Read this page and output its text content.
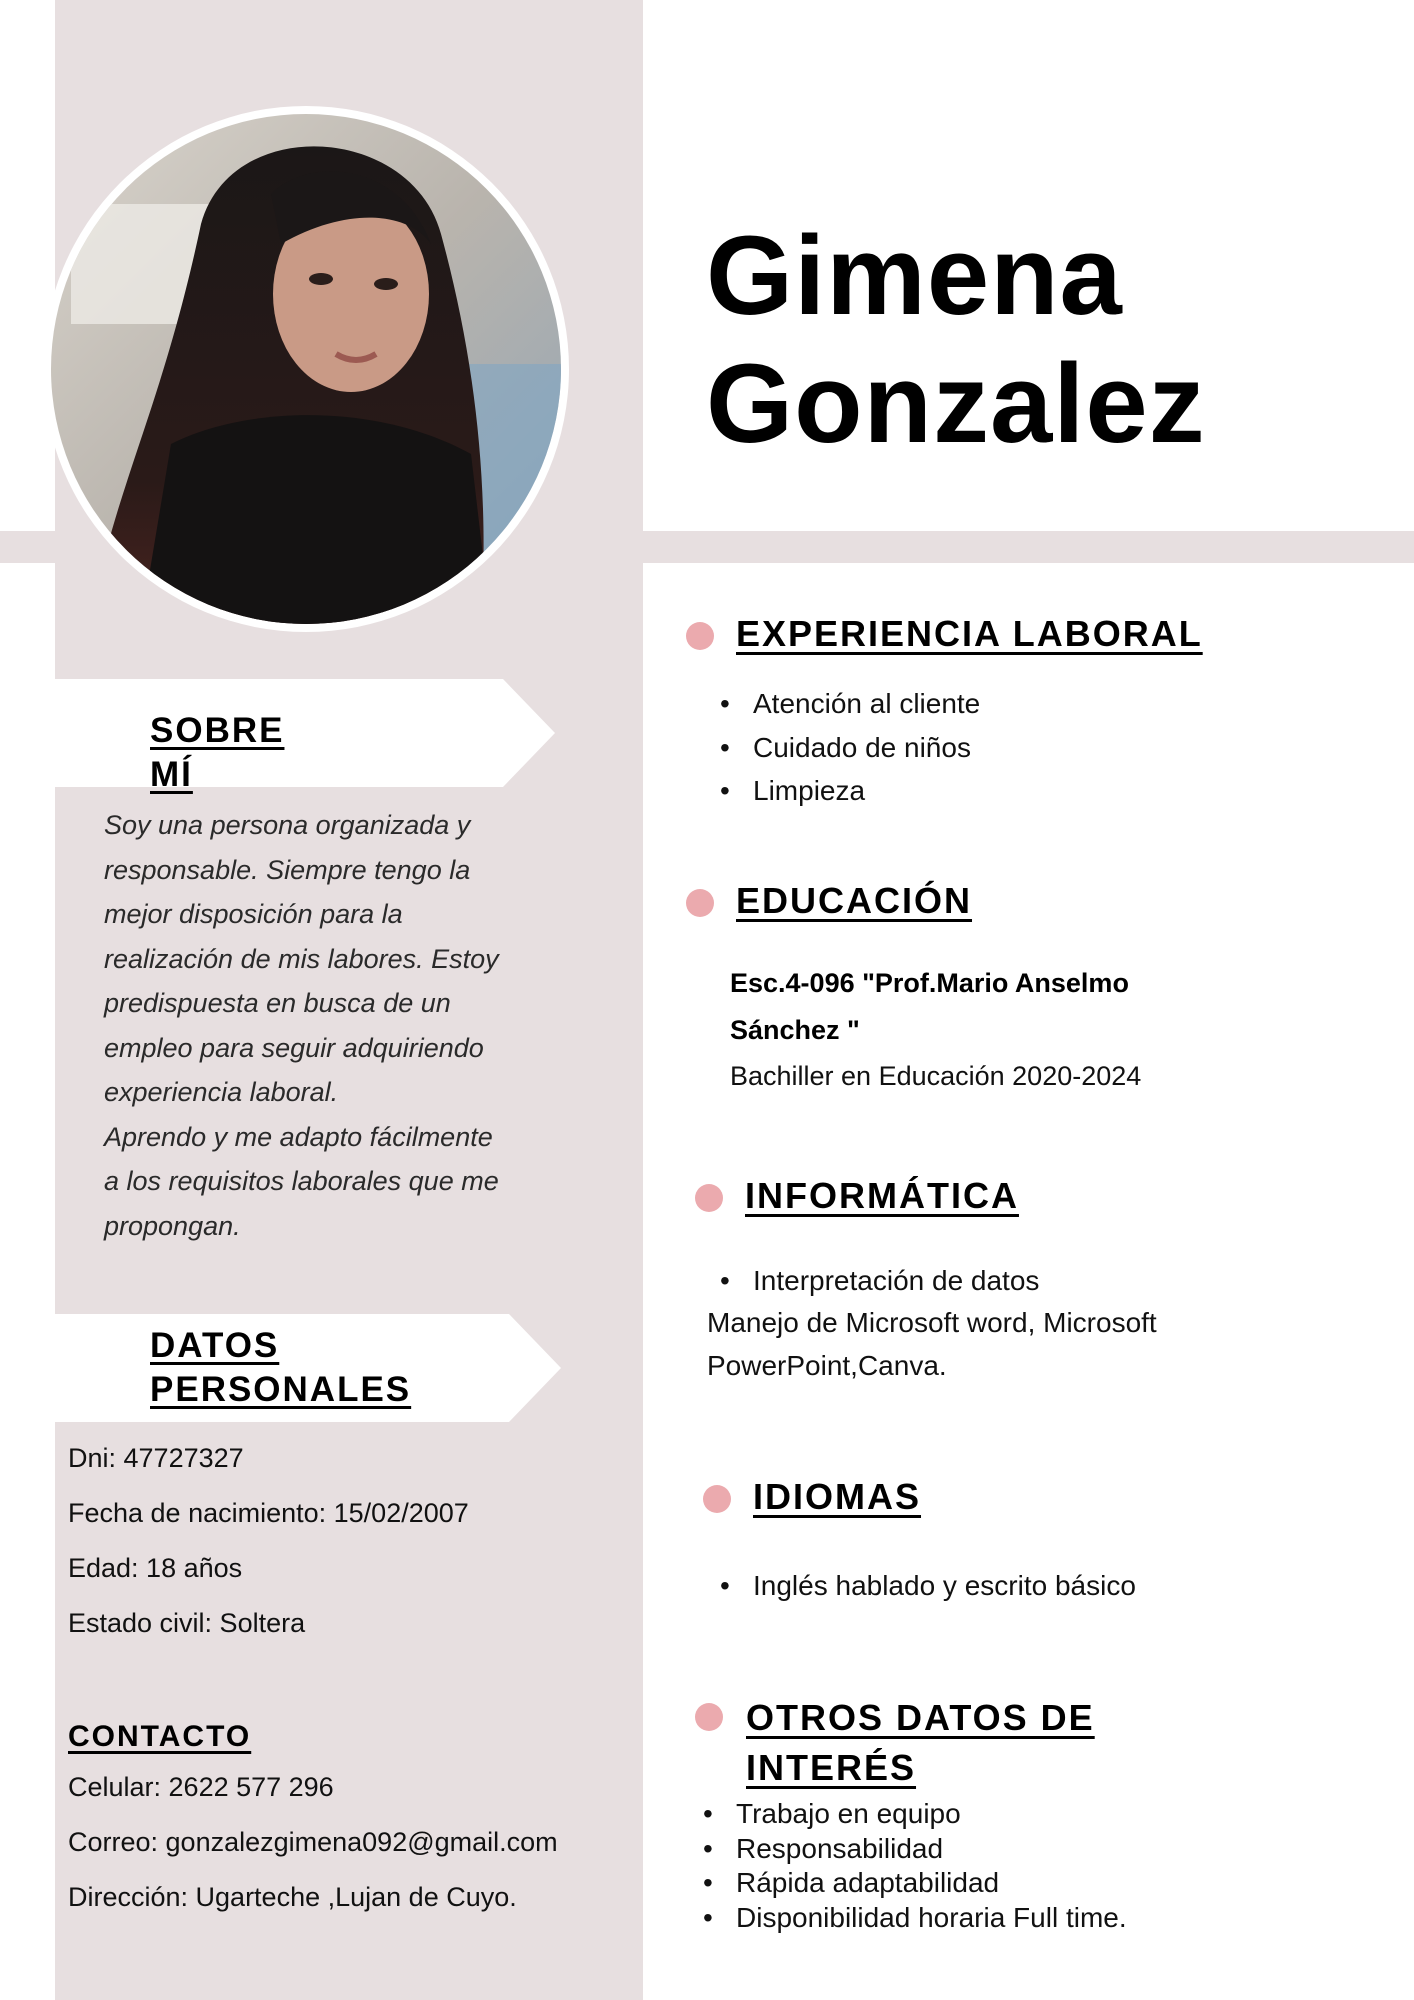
Gimena
Gonzalez
SOBRE MÍ
Soy una persona organizada y
responsable. Siempre tengo la
mejor disposición para la
realización de mis labores. Estoy
predispuesta en busca de un
empleo para seguir adquiriendo
experiencia laboral.
Aprendo y me adapto fácilmente
a los requisitos laborales que me
propongan.
DATOS
PERSONALES
Dni: 47727327
Fecha de nacimiento: 15/02/2007
Edad: 18 años
Estado civil: Soltera
CONTACTO
Celular: 2622 577 296
Correo: gonzalezgimena092@gmail.com
Dirección: Ugarteche ,Lujan de Cuyo.
EXPERIENCIA LABORAL
• Atención al cliente
• Cuidado de niños
• Limpieza
EDUCACIÓN
Esc.4-096 "Prof.Mario Anselmo Sánchez "
Bachiller en Educación 2020-2024
INFORMÁTICA
• Interpretación de datos
Manejo de Microsoft word, Microsoft PowerPoint,Canva.
IDIOMAS
• Inglés hablado y escrito básico
OTROS DATOS DE
INTERÉS
• Trabajo en equipo
• Responsabilidad
• Rápida adaptabilidad
• Disponibilidad horaria Full time.
